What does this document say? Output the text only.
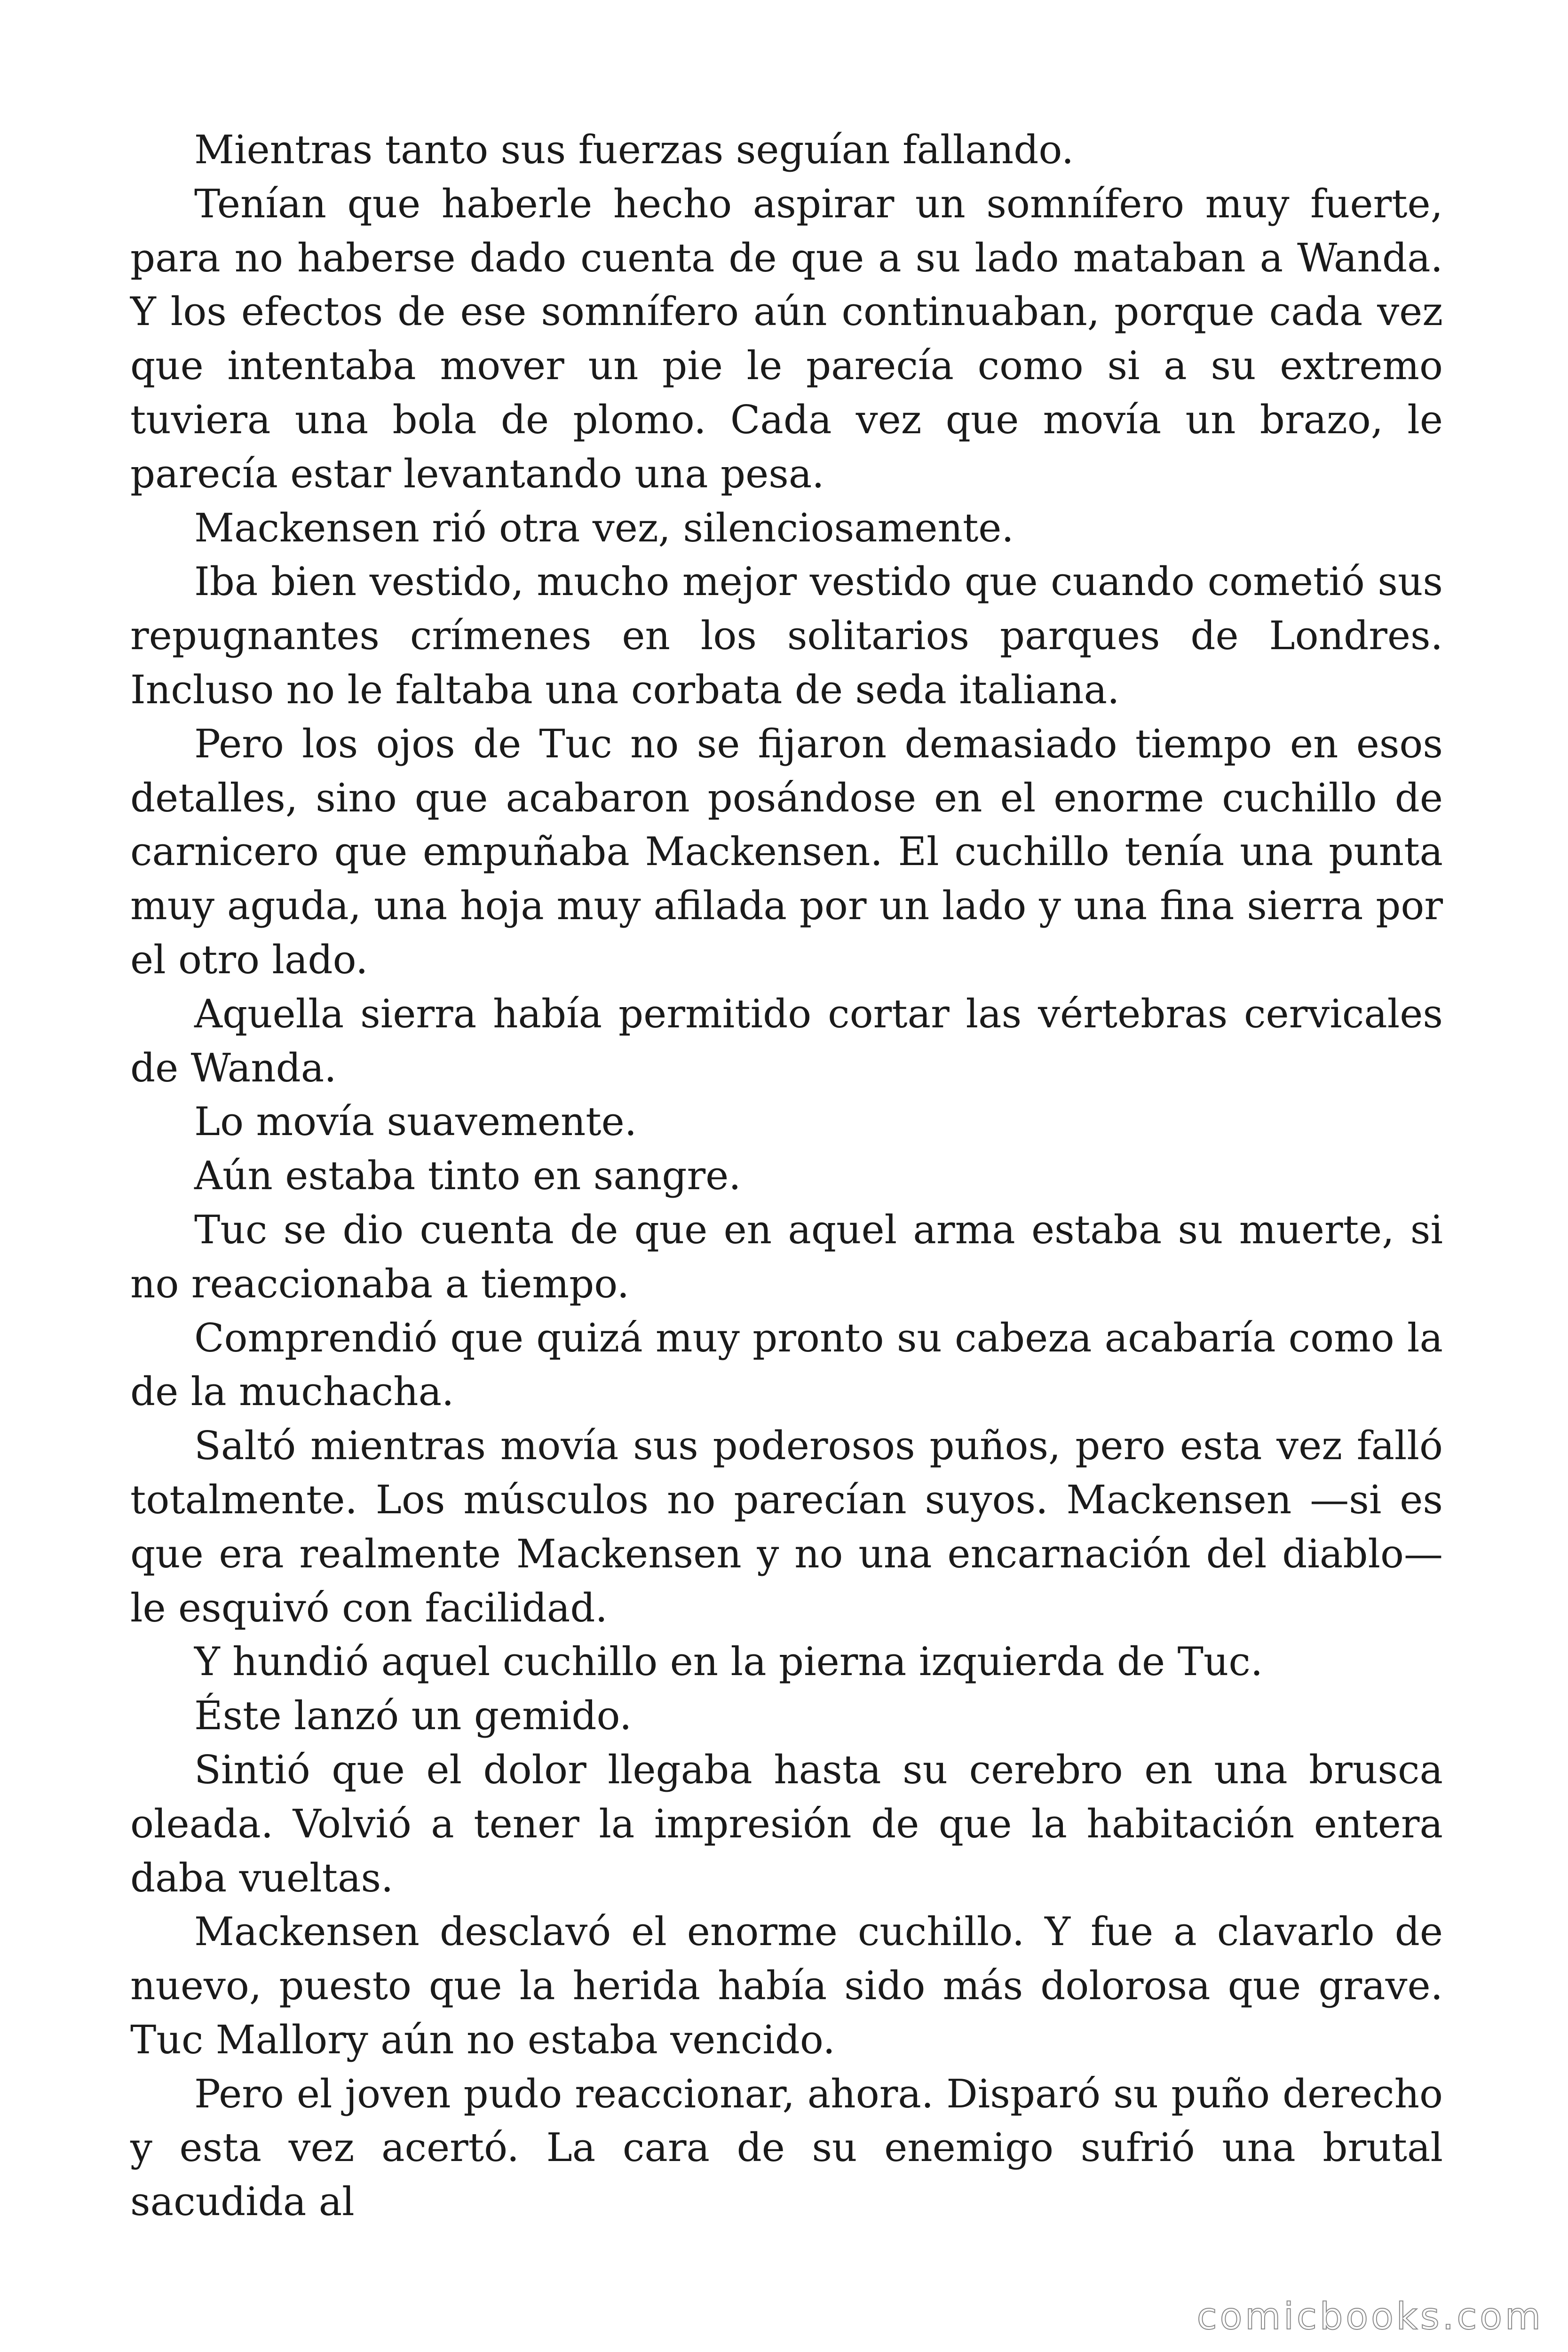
Mientras tanto sus fuerzas seguían fallando.

Tenían que haberle hecho aspirar un somnífero muy fuerte, para no haberse dado cuenta de que a su lado mataban a Wanda. Y los efectos de ese somnífero aún continuaban, porque cada vez que intentaba mover un pie le parecía como si a su extremo tuviera una bola de plomo. Cada vez que movía un brazo, le parecía estar levantando una pesa.

Mackensen rió otra vez, silenciosamente.

Iba bien vestido, mucho mejor vestido que cuando cometió sus repugnantes crímenes en los solitarios parques de Londres. Incluso no le faltaba una corbata de seda italiana.

Pero los ojos de Tuc no se fijaron demasiado tiempo en esos detalles, sino que acabaron posándose en el enorme cuchillo de carnicero que empuñaba Mackensen. El cuchillo tenía una punta muy aguda, una hoja muy afilada por un lado y una fina sierra por el otro lado.

Aquella sierra había permitido cortar las vértebras cervicales de Wanda.

Lo movía suavemente.

Aún estaba tinto en sangre.

Tuc se dio cuenta de que en aquel arma estaba su muerte, si no reaccionaba a tiempo.

Comprendió que quizá muy pronto su cabeza acabaría como la de la muchacha.

Saltó mientras movía sus poderosos puños, pero esta vez falló totalmente. Los músculos no parecían suyos. Mackensen —si es que era realmente Mackensen y no una encarnación del diablo— le esquivó con facilidad.

Y hundió aquel cuchillo en la pierna izquierda de Tuc.

Éste lanzó un gemido.

Sintió que el dolor llegaba hasta su cerebro en una brusca oleada. Volvió a tener la impresión de que la habitación entera daba vueltas.

Mackensen desclavó el enorme cuchillo. Y fue a clavarlo de nuevo, puesto que la herida había sido más dolorosa que grave. Tuc Mallory aún no estaba vencido.

Pero el joven pudo reaccionar, ahora. Disparó su puño derecho y esta vez acertó. La cara de su enemigo sufrió una brutal sacudida al

comicbooks.com
